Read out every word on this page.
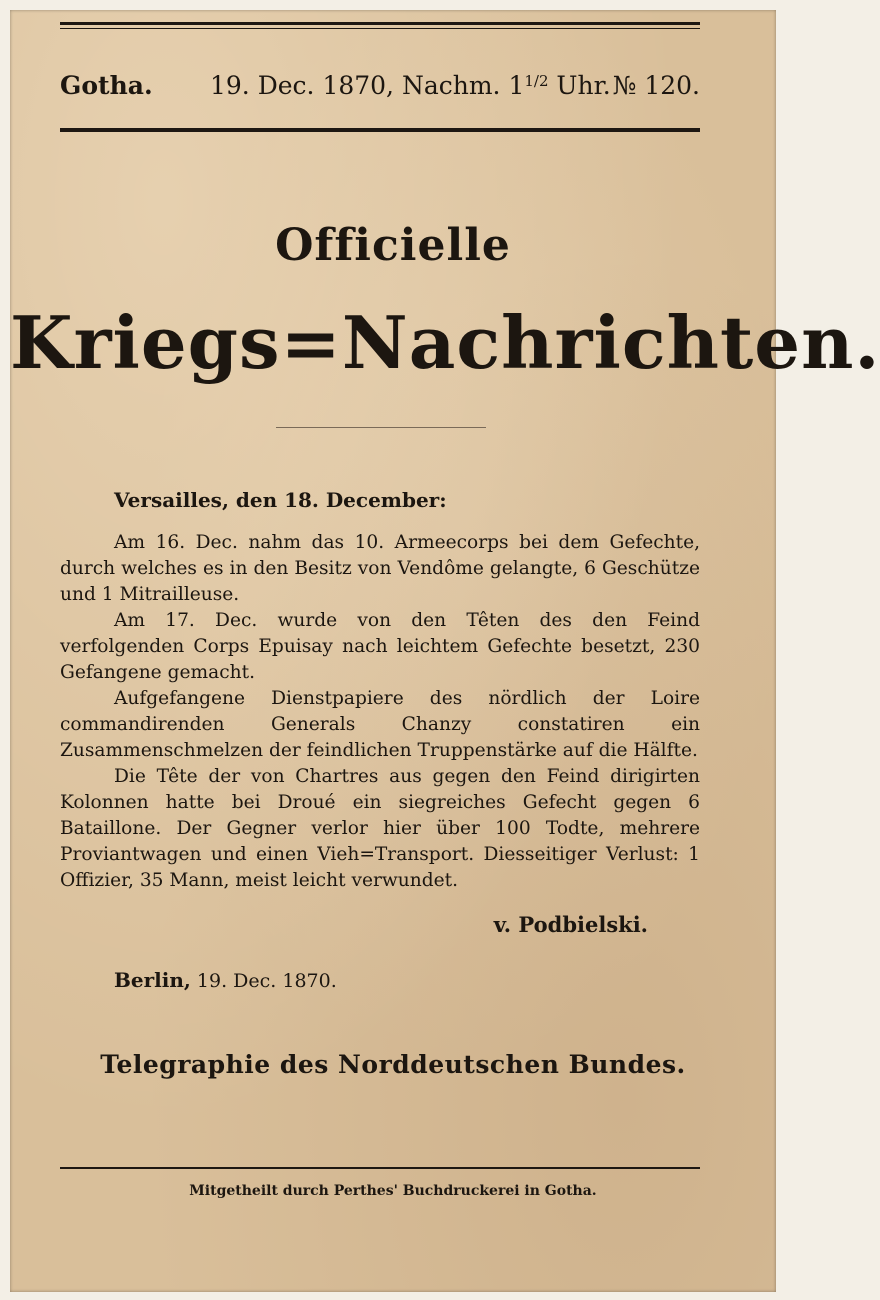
Gotha. 19. Dec. 1870, Nachm. $1^{1/2}$ Uhr. № 120.
Officielle
Kriegs=Nachrichten.
Versailles, den 18. December:

Am 16. Dec. nahm das 10. Armeecorps bei dem Gefechte, durch welches es in den Besitz von Vendôme gelangte, 6 Geschütze und 1 Mitrailleuse.

Am 17. Dec. wurde von den Têten des den Feind verfolgenden Corps Epuisay nach leichtem Gefechte besetzt, 230 Gefangene gemacht.

Aufgefangene Dienstpapiere des nördlich der Loire commandirenden Generals Chanzy constatiren ein Zusammenschmelzen der feindlichen Truppenstärke auf die Hälfte.

Die Tête der von Chartres aus gegen den Feind dirigirten Kolonnen hatte bei Droué ein siegreiches Gefecht gegen 6 Bataillone. Der Gegner verlor hier über 100 Todte, mehrere Proviantwagen und einen Vieh=Transport. Diesseitiger Verlust: 1 Offizier, 35 Mann, meist leicht verwundet.

v. Podbielski.
Berlin, 19. Dec. 1870.
Telegraphie des Norddeutschen Bundes.
Mitgetheilt durch Perthes' Buchdruckerei in Gotha.
